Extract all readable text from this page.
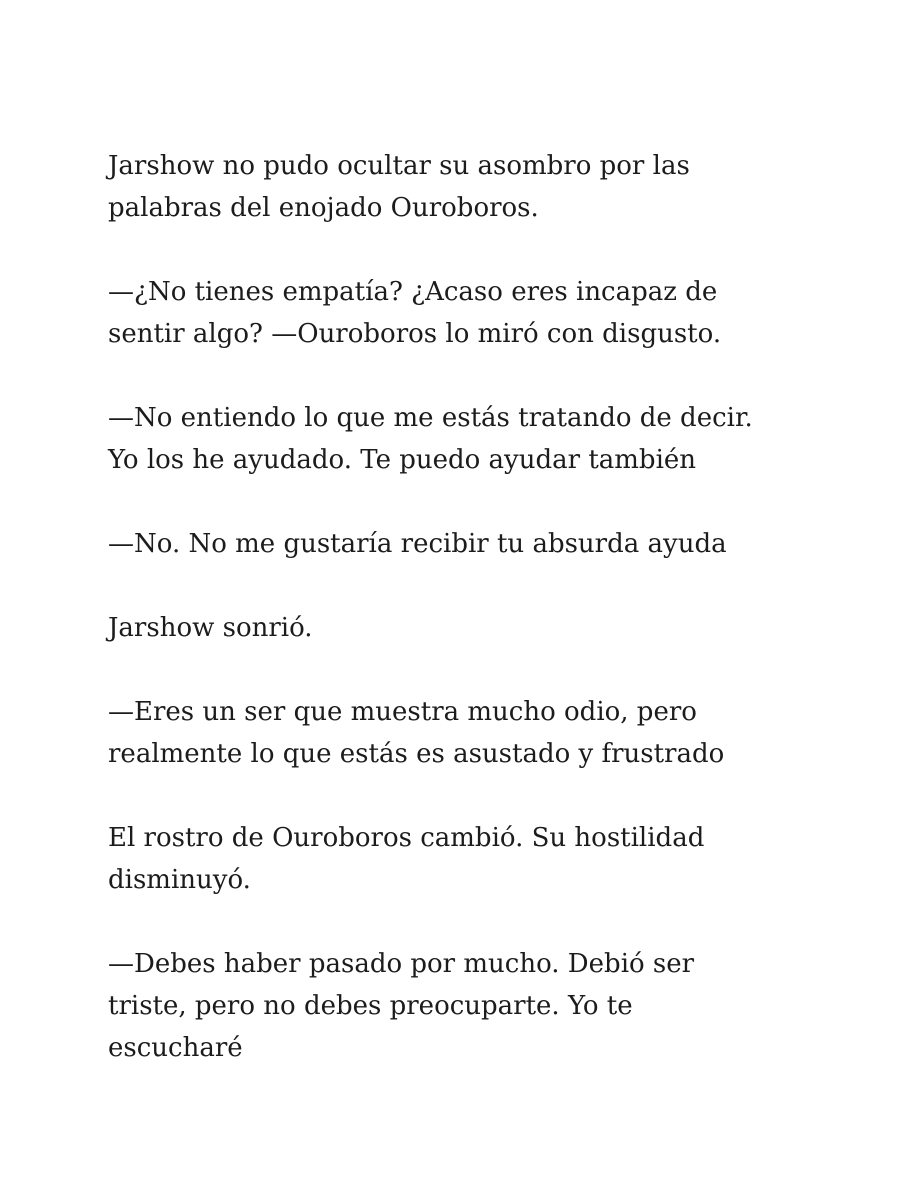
Jarshow no pudo ocultar su asombro por las
palabras del enojado Ouroboros.

—¿No tienes empatía? ¿Acaso eres incapaz de
sentir algo? —Ouroboros lo miró con disgusto.

—No entiendo lo que me estás tratando de decir.
Yo los he ayudado. Te puedo ayudar también

—No. No me gustaría recibir tu absurda ayuda

Jarshow sonrió.

—Eres un ser que muestra mucho odio, pero
realmente lo que estás es asustado y frustrado

El rostro de Ouroboros cambió. Su hostilidad
disminuyó.

—Debes haber pasado por mucho. Debió ser
triste, pero no debes preocuparte. Yo te
escucharé
